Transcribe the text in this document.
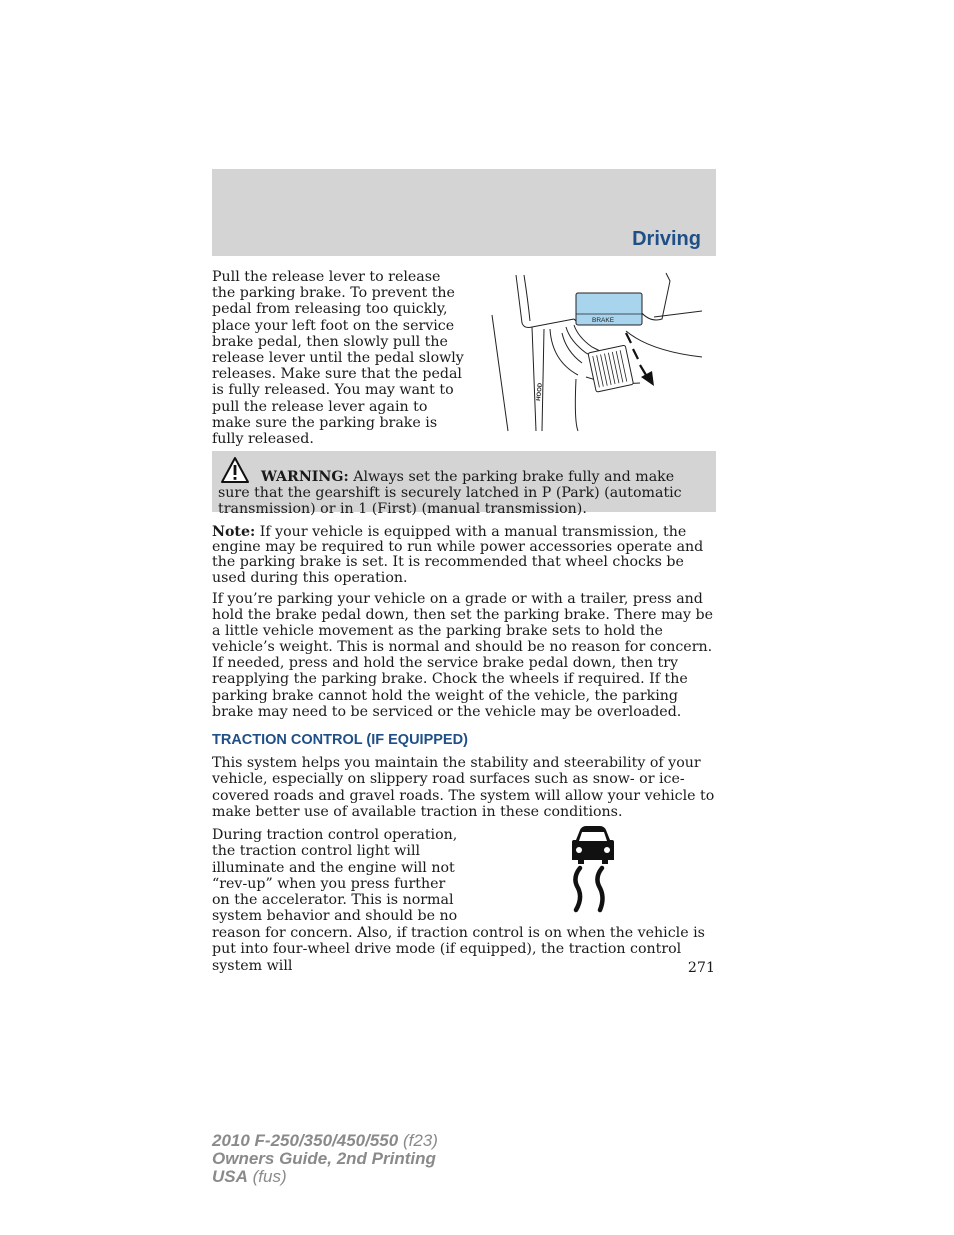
Driving

Pull the release lever to release the parking brake. To prevent the pedal from releasing too quickly, place your left foot on the service brake pedal, then slowly pull the release lever until the pedal slowly releases. Make sure that the pedal is fully released. You may want to pull the release lever again to make sure the parking brake is fully released.

BRAKE
HOOD

WARNING: Always set the parking brake fully and make sure that the gearshift is securely latched in P (Park) (automatic transmission) or in 1 (First) (manual transmission).

Note: If your vehicle is equipped with a manual transmission, the engine may be required to run while power accessories operate and the parking brake is set. It is recommended that wheel chocks be used during this operation.

If you’re parking your vehicle on a grade or with a trailer, press and hold the brake pedal down, then set the parking brake. There may be a little vehicle movement as the parking brake sets to hold the vehicle’s weight. This is normal and should be no reason for concern. If needed, press and hold the service brake pedal down, then try reapplying the parking brake. Chock the wheels if required. If the parking brake cannot hold the weight of the vehicle, the parking brake may need to be serviced or the vehicle may be overloaded.

TRACTION CONTROL (IF EQUIPPED)

This system helps you maintain the stability and steerability of your vehicle, especially on slippery road surfaces such as snow- or ice-covered roads and gravel roads. The system will allow your vehicle to make better use of available traction in these conditions.

During traction control operation, the traction control light will illuminate and the engine will not “rev-up” when you press further on the accelerator. This is normal system behavior and should be no

reason for concern. Also, if traction control is on when the vehicle is put into four-wheel drive mode (if equipped), the traction control system will	271
2010 F-250/350/450/550 (f23)
Owners Guide, 2nd Printing
USA (fus)
